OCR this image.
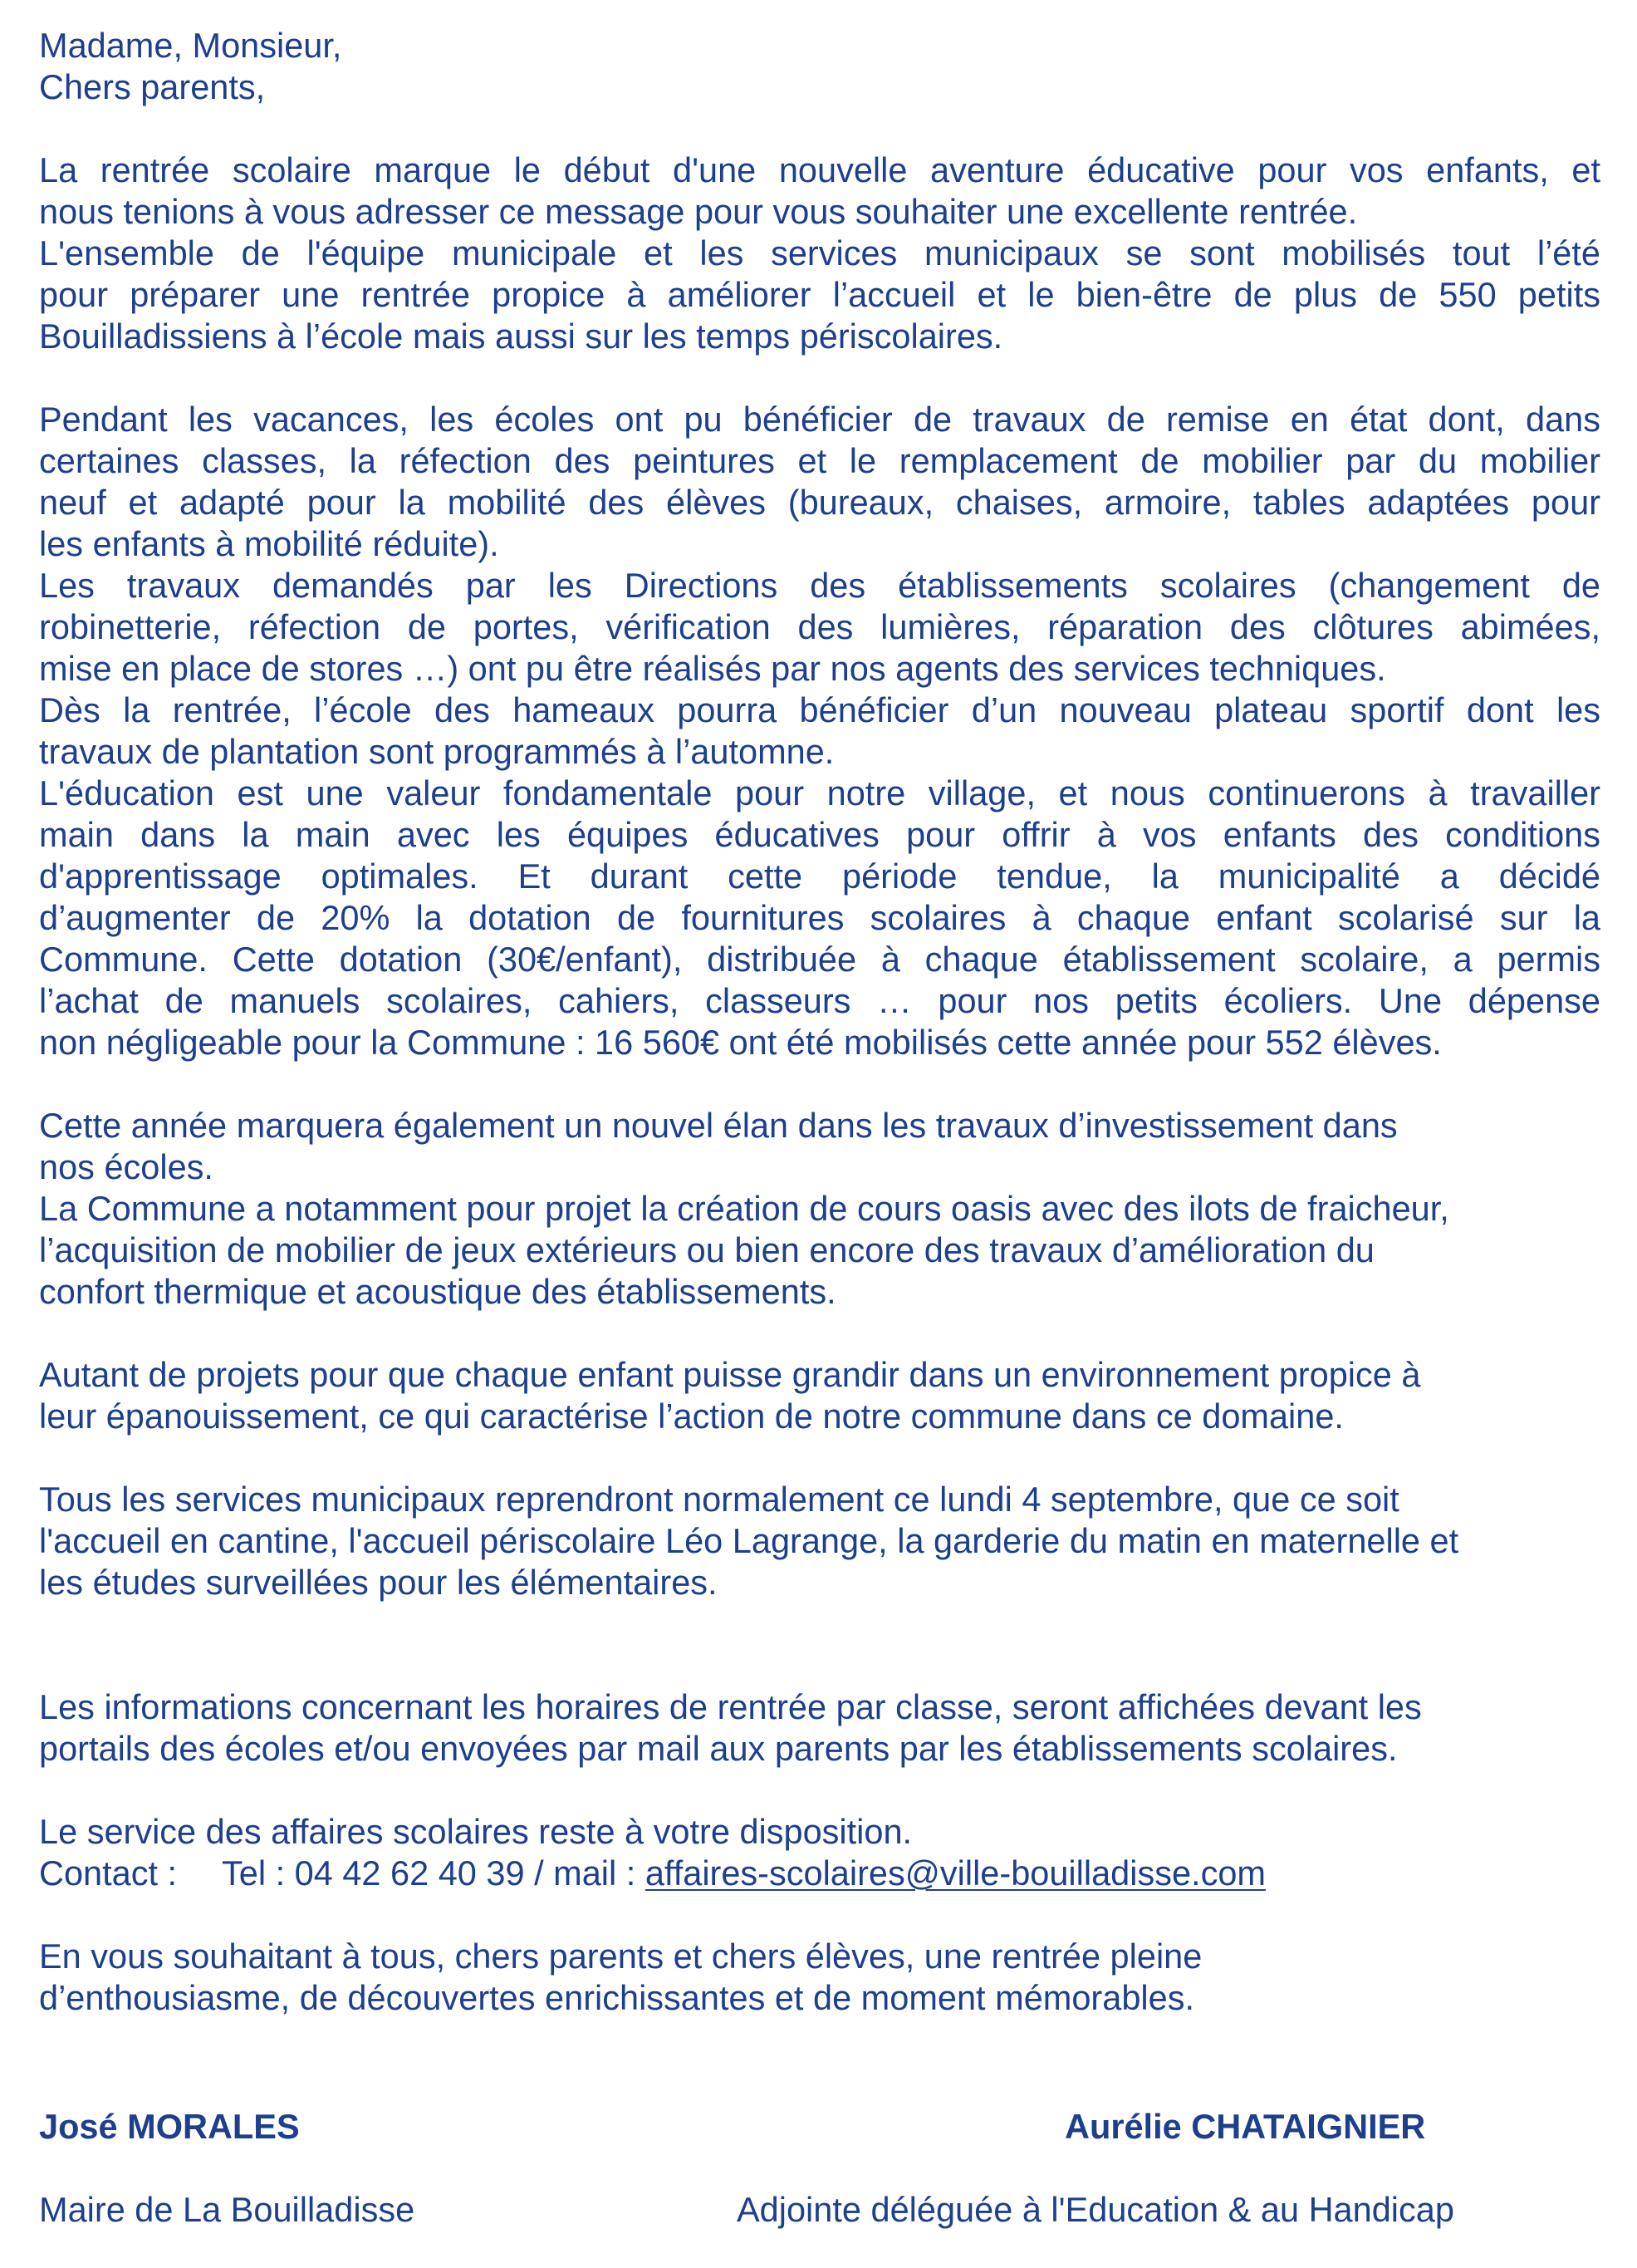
Madame, Monsieur,
Chers parents,
La rentrée scolaire marque le début d'une nouvelle aventure éducative pour vos enfants, et
nous tenions à vous adresser ce message pour vous souhaiter une excellente rentrée.
L'ensemble de l'équipe municipale et les services municipaux se sont mobilisés tout l’été
pour préparer une rentrée propice à améliorer l’accueil et le bien-être de plus de 550 petits
Bouilladissiens à l’école mais aussi sur les temps périscolaires.
Pendant les vacances, les écoles ont pu bénéficier de travaux de remise en état dont, dans
certaines classes, la réfection des peintures et le remplacement de mobilier par du mobilier
neuf et adapté pour la mobilité des élèves (bureaux, chaises, armoire, tables adaptées pour
les enfants à mobilité réduite).
Les travaux demandés par les Directions des établissements scolaires (changement de
robinetterie, réfection de portes, vérification des lumières, réparation des clôtures abimées,
mise en place de stores …) ont pu être réalisés par nos agents des services techniques.
Dès la rentrée, l’école des hameaux pourra bénéficier d’un nouveau plateau sportif dont les
travaux de plantation sont programmés à l’automne.
L'éducation est une valeur fondamentale pour notre village, et nous continuerons à travailler
main dans la main avec les équipes éducatives pour offrir à vos enfants des conditions
d'apprentissage optimales. Et durant cette période tendue, la municipalité a décidé
d’augmenter de 20% la dotation de fournitures scolaires à chaque enfant scolarisé sur la
Commune. Cette dotation (30€/enfant), distribuée à chaque établissement scolaire, a permis
l’achat de manuels scolaires, cahiers, classeurs … pour nos petits écoliers. Une dépense
non négligeable pour la Commune : 16 560€ ont été mobilisés cette année pour 552 élèves.
Cette année marquera également un nouvel élan dans les travaux d’investissement dans
nos écoles.
La Commune a notamment pour projet la création de cours oasis avec des ilots de fraicheur,
l’acquisition de mobilier de jeux extérieurs ou bien encore des travaux d’amélioration du
confort thermique et acoustique des établissements.
Autant de projets pour que chaque enfant puisse grandir dans un environnement propice à
leur épanouissement, ce qui caractérise l’action de notre commune dans ce domaine.
Tous les services municipaux reprendront normalement ce lundi 4 septembre, que ce soit
l'accueil en cantine, l'accueil périscolaire Léo Lagrange, la garderie du matin en maternelle et
les études surveillées pour les élémentaires.
Les informations concernant les horaires de rentrée par classe, seront affichées devant les
portails des écoles et/ou envoyées par mail aux parents par les établissements scolaires.
Le service des affaires scolaires reste à votre disposition.
Contact : Tel : 04 42 62 40 39 / mail : affaires-scolaires@ville-bouilladisse.com
En vous souhaitant à tous, chers parents et chers élèves, une rentrée pleine
d’enthousiasme, de découvertes enrichissantes et de moment mémorables.
José MORALES
Maire de La Bouilladisse
Aurélie CHATAIGNIER
Adjointe déléguée à l'Education & au Handicap
